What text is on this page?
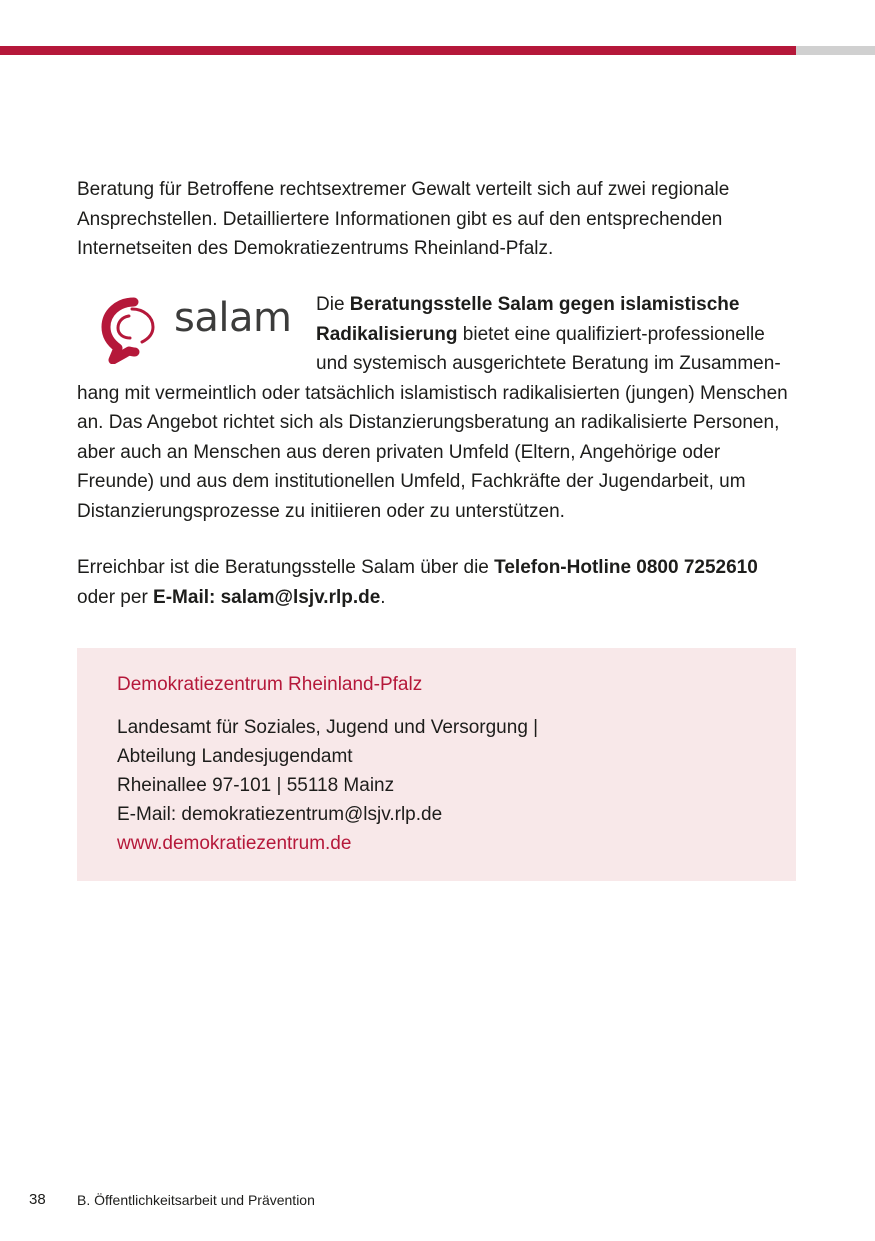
Beratung für Betroffene rechtsextremer Gewalt verteilt sich auf zwei regionale Ansprechstellen. Detailliertere Informationen gibt es auf den entsprechenden Internetseiten des Demokratiezentrums Rheinland-Pfalz.

salam	Die Beratungsstelle Salam gegen islamistische Radikalisierung bietet eine qualifiziert-professionelle und systemisch ausgerichtete Beratung im Zusammenhang mit vermeintlich oder tatsächlich islamistisch radikalisierten (jungen) Menschen an. Das Angebot richtet sich als Distanzierungsberatung an radikalisierte Personen, aber auch an Menschen aus deren privaten Umfeld (Eltern, Angehörige oder Freunde) und aus dem institutionellen Umfeld, Fachkräfte der Jugendarbeit, um Distanzierungsprozesse zu initiieren oder zu unterstützen.

Erreichbar ist die Beratungsstelle Salam über die Telefon-Hotline 0800 7252610 oder per E-Mail: salam@lsjv.rlp.de.

Demokratiezentrum Rheinland-Pfalz

Landesamt für Soziales, Jugend und Versorgung |
Abteilung Landesjugendamt
Rheinallee 97-101 | 55118 Mainz
E-Mail: demokratiezentrum@lsjv.rlp.de
www.demokratiezentrum.de

38 B. Öffentlichkeitsarbeit und Prävention
